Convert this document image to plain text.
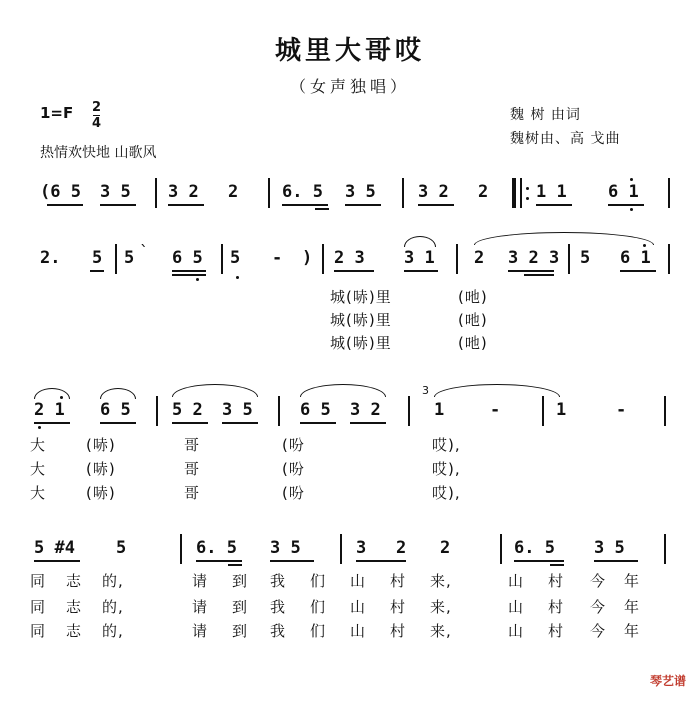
城里大哥哎
（女声独唱）
1=F 2
4
热情欢快地 山歌风
魏 树 由词
魏树由、高 戈曲
(6 5 3 5 3 2 2	6. 5 3 5 3 2 2	1 1 6 1
2. 5 5 ` 6 5 5 - ) 2 3 3 1 2 3 2 3 5 6 1
城(哧)里	(吔)
城(哧)里	(吔)
城(哧)里	(吔)
2 1 6 5 5 2 3 5	6 5 3 2
3
1	-	1	-
大	(哧)	哥	(吩	哎),
大	(哧)	哥	(吩	哎),
大	(哧)	哥	(吩	哎),
5 #4 5	6. 5 3 5	3 2 2	6. 5 3 5
同 志 的,	请 到 我 们 山 村 来,	山 村 今 年
同 志 的,	请 到 我 们 山 村 来,	山 村 今 年
同 志 的,	请 到 我 们 山 村 来,	山 村 今 年
琴艺谱
